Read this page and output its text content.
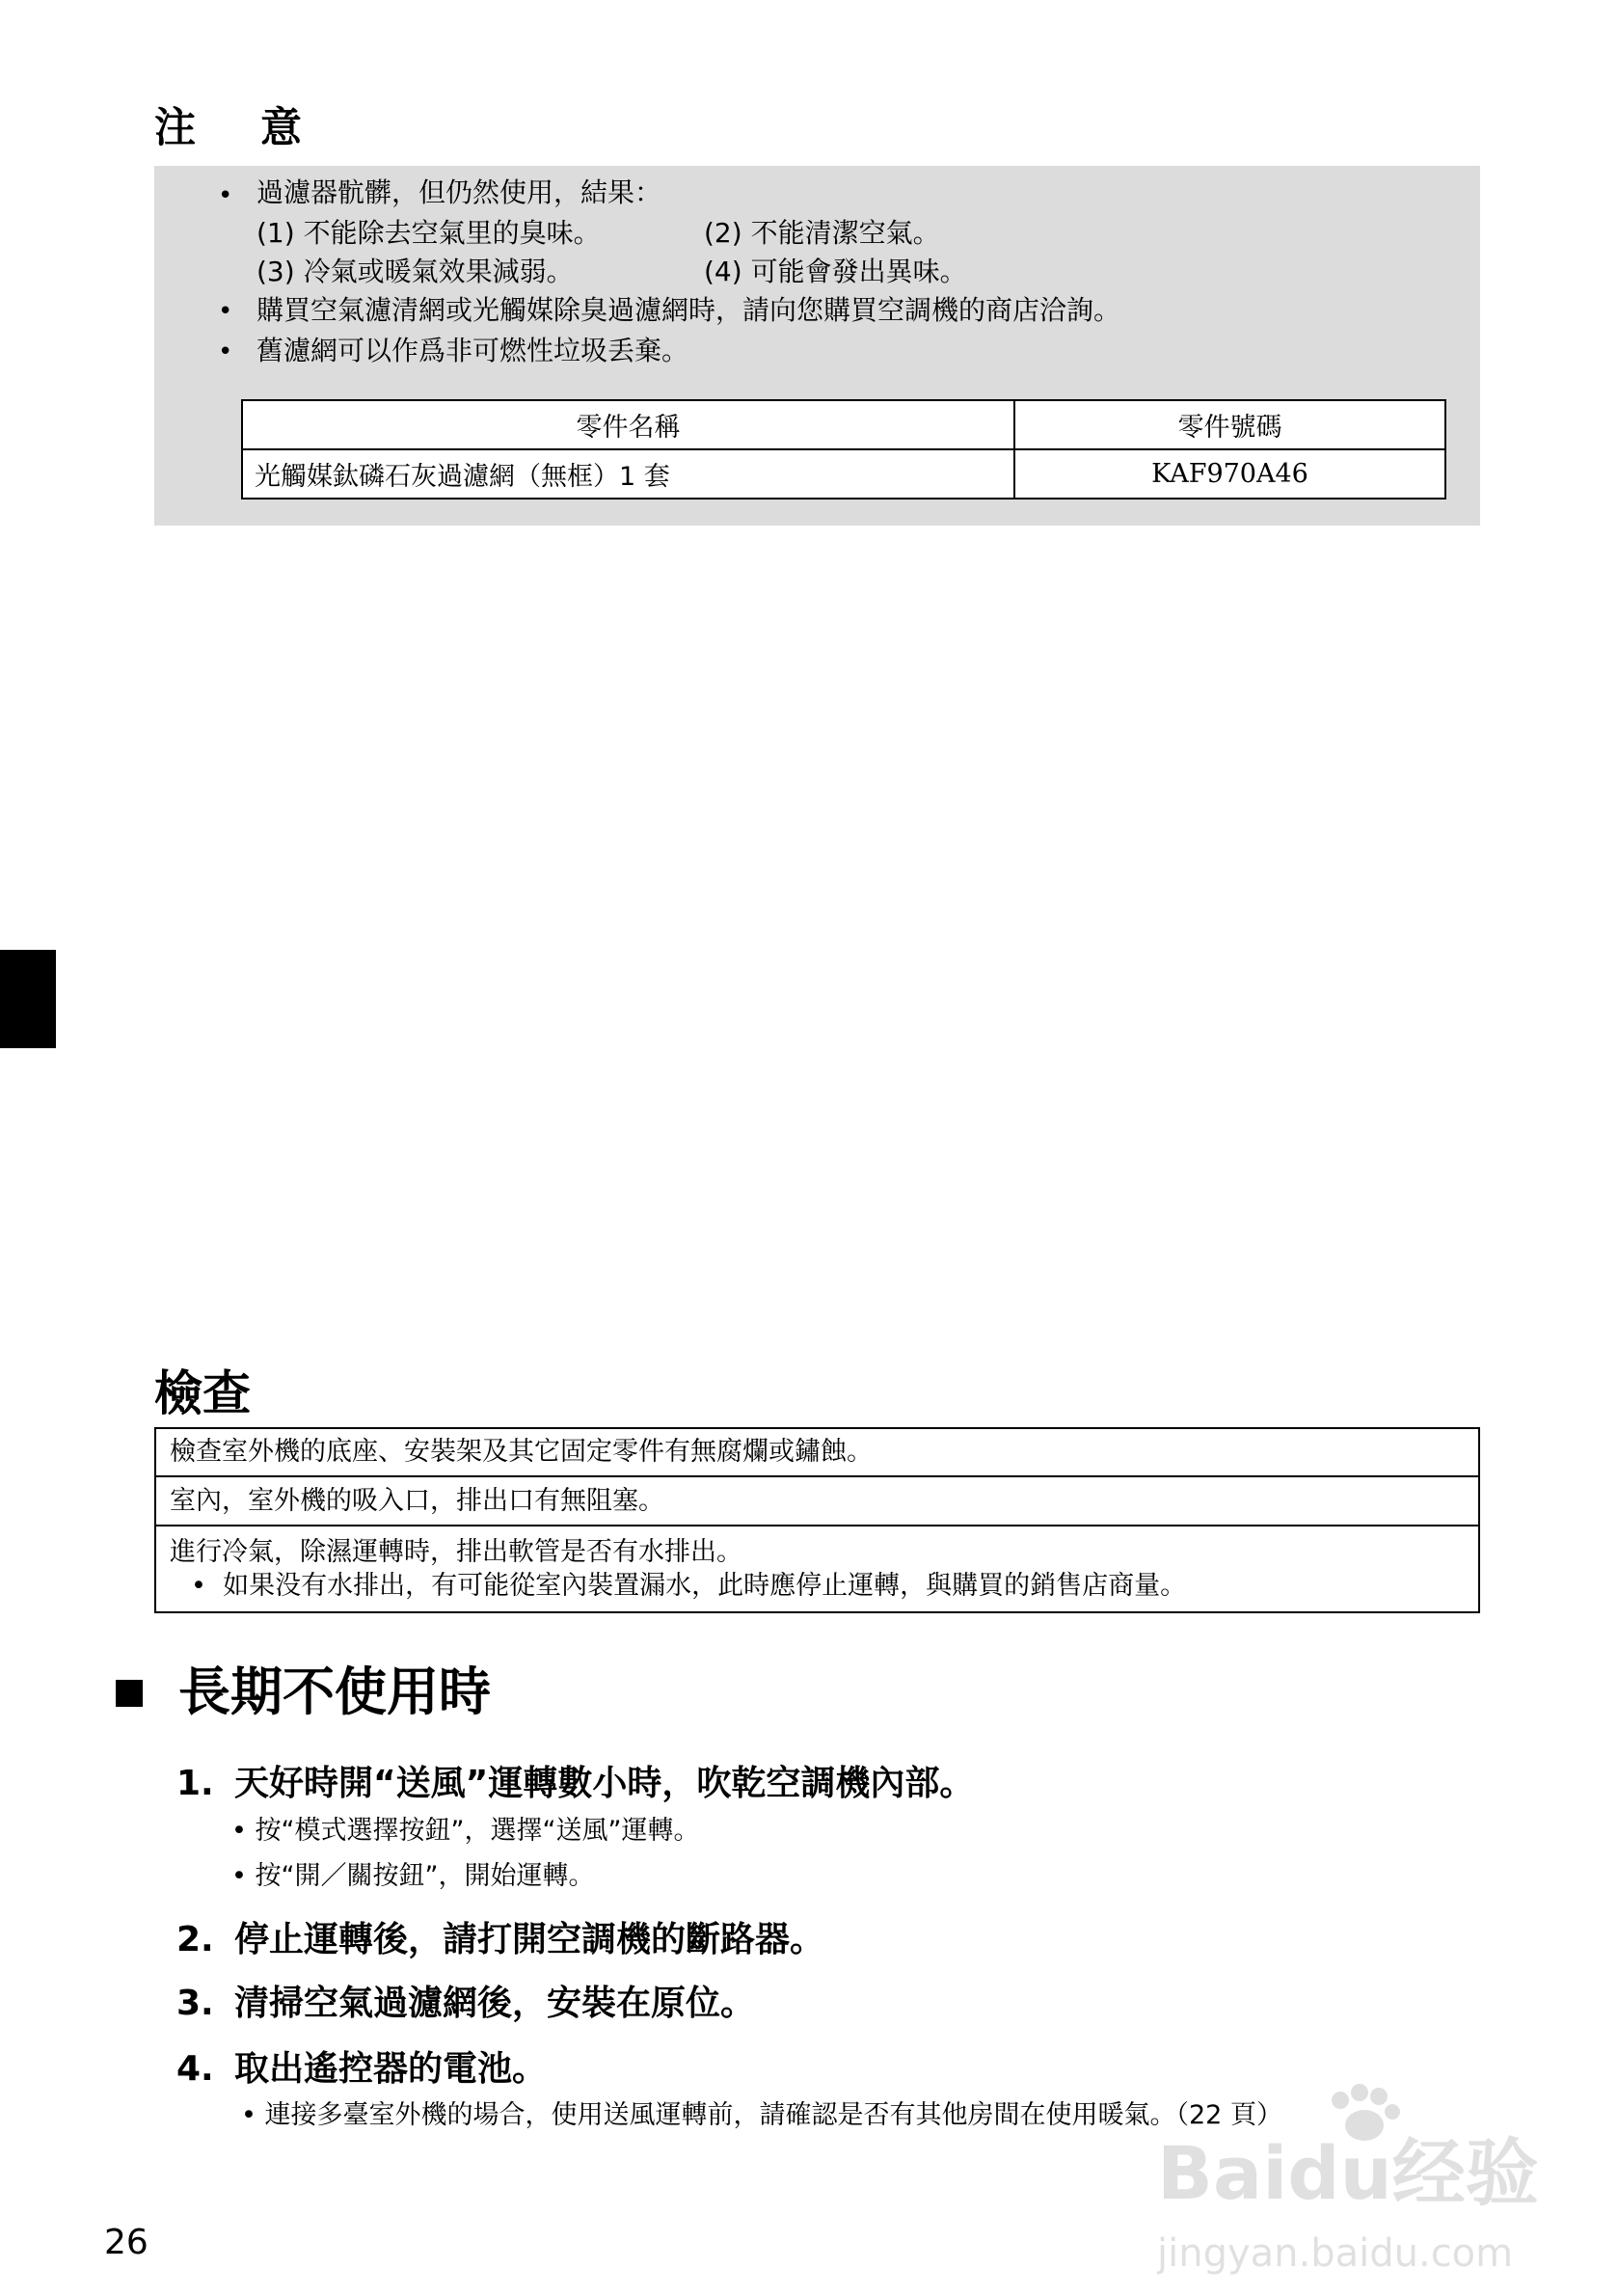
注 意
• 過濾器骯髒，但仍然使用，結果：
(1) 不能除去空氣里的臭味。	(2) 不能清潔空氣。
(3) 冷氣或暖氣效果減弱。	(4) 可能會發出異味。
• 購買空氣濾清網或光觸媒除臭過濾網時，請向您購買空調機的商店洽詢。
• 舊濾網可以作爲非可燃性垃圾丢棄。
零件名稱	零件號碼
光觸媒鈦磷石灰過濾網（無框）1 套	KAF970A46
檢查
檢查室外機的底座、安裝架及其它固定零件有無腐爛或鏽蝕。
室內，室外機的吸入口，排出口有無阻塞。
進行冷氣，除濕運轉時，排出軟管是否有水排出。
•  如果没有水排出，有可能從室內裝置漏水，此時應停止運轉，與購買的銷售店商量。
長期不使用時
1. 天好時開“送風”運轉數小時，吹乾空調機內部。
• 按“模式選擇按鈕”，選擇“送風”運轉。
• 按“開／關按鈕”，開始運轉。
2. 停止運轉後，請打開空調機的斷路器。
3. 清掃空氣過濾網後，安裝在原位。
4. 取出遙控器的電池。
• 連接多臺室外機的場合，使用送風運轉前，請確認是否有其他房間在使用暖氣。（22 頁）
26
Baidu经验
jingyan.baidu.com
